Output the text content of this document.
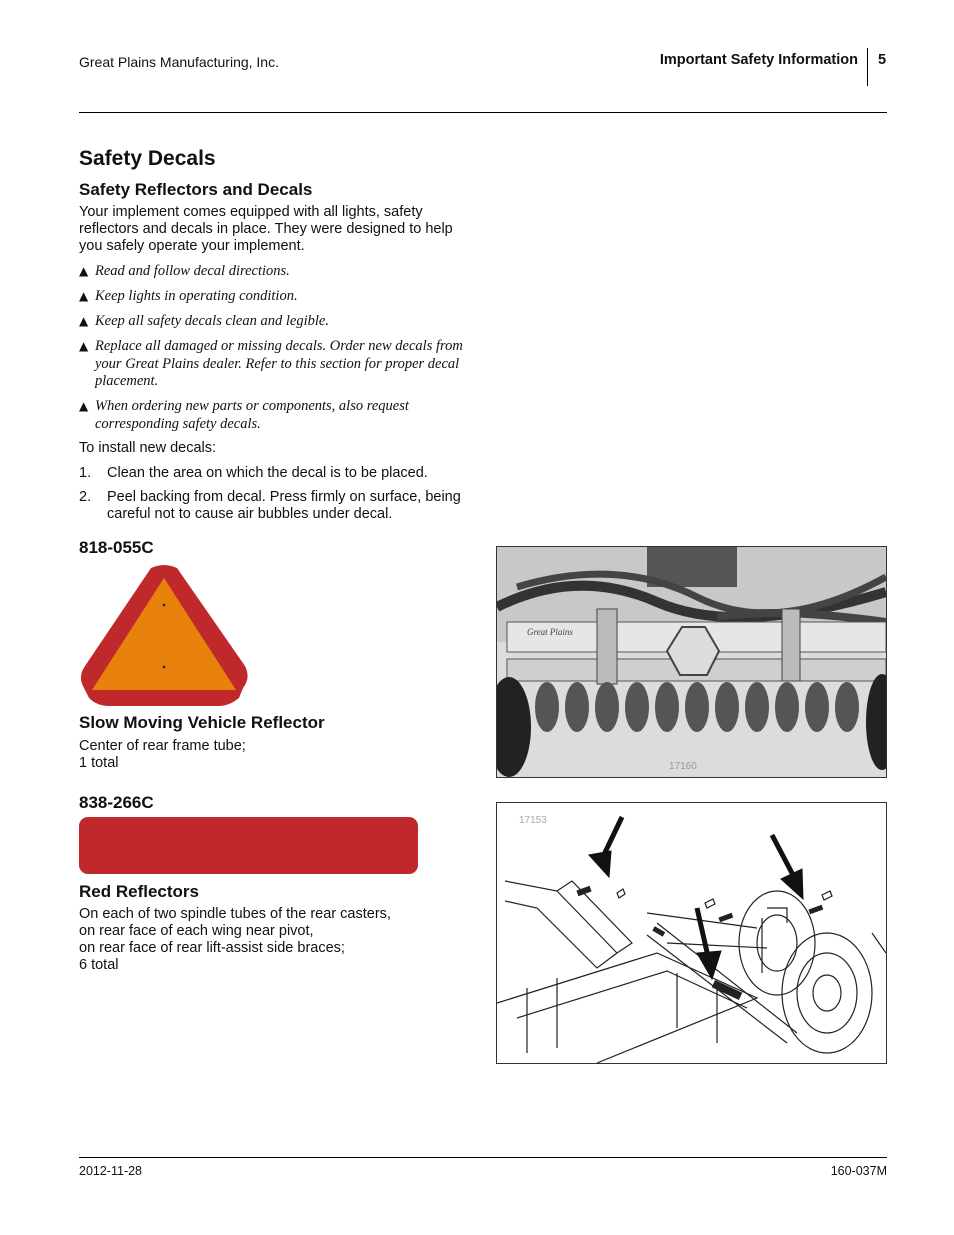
Great Plains Manufacturing, Inc.	Important Safety Information 5
Safety Decals
Safety Reflectors and Decals
Your implement comes equipped with all lights, safety reflectors and decals in place. They were designed to help you safely operate your implement.
▲ Read and follow decal directions.
▲ Keep lights in operating condition.
▲ Keep all safety decals clean and legible.
▲ Replace all damaged or missing decals. Order new decals from your Great Plains dealer. Refer to this section for proper decal placement.
▲ When ordering new parts or components, also request corresponding safety decals.
To install new decals:
1.	Clean the area on which the decal is to be placed.
2.	Peel backing from decal. Press firmly on surface, being careful not to cause air bubbles under decal.
818-055C
Slow Moving Vehicle Reflector
Center of rear frame tube;
1 total
Great Plains
17160
838-266C
Red Reflectors
On each of two spindle tubes of the rear casters,
on rear face of each wing near pivot,
on rear face of rear lift-assist side braces;
6 total
17153
2012-11-28	160-037M
